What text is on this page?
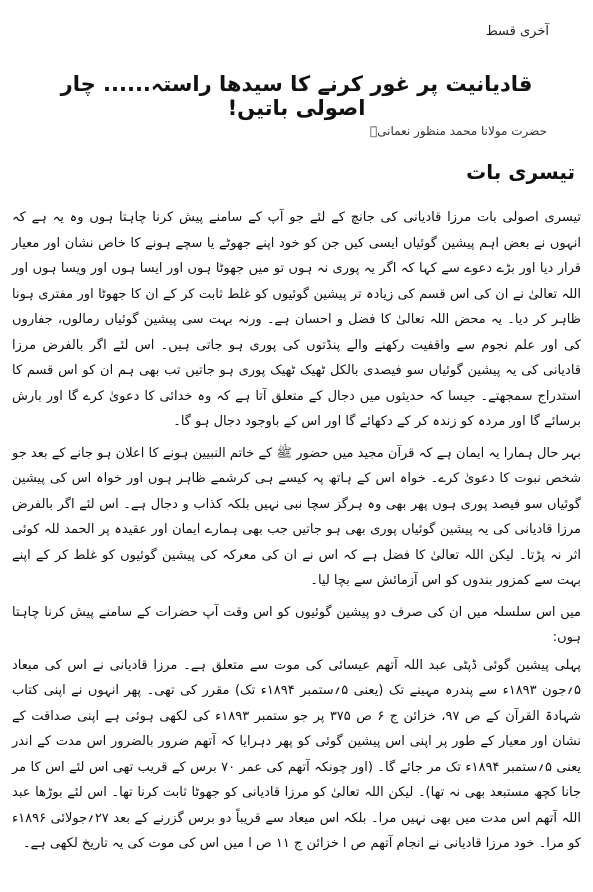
آخری قسط
قادیانیت پر غور کرنے کا سیدھا راستہ...... چار اصولی باتیں!
حضرت مولانا محمد منظور نعمانیؒ
تیسری بات

تیسری اصولی بات مرزا قادیانی کی جانچ کے لئے جو آپ کے سامنے پیش کرنا چاہتا ہوں وہ یہ ہے کہ انہوں نے بعض اہم پیشین گوئیاں ایسی کیں جن کو خود اپنے جھوٹے یا سچے ہونے کا خاص نشان اور معیار قرار دیا اور بڑے دعوے سے کہا کہ اگر یہ پوری نہ ہوں تو میں جھوٹا ہوں اور ایسا ہوں اور ویسا ہوں اور اللہ تعالیٰ نے ان کی اس قسم کی زیادہ تر پیشین گوئیوں کو غلط ثابت کر کے ان کا جھوٹا اور مفتری ہونا ظاہر کر دیا۔ یہ محض اللہ تعالیٰ کا فضل و احسان ہے۔ ورنہ بہت سی پیشین گوئیاں رمالوں، جفاروں کی اور علم نجوم سے واقفیت رکھنے والے پنڈتوں کی پوری ہو جاتی ہیں۔ اس لئے اگر بالفرض مرزا قادیانی کی یہ پیشین گوئیاں سو فیصدی بالکل ٹھیک ٹھیک پوری ہو جاتیں تب بھی ہم ان کو اس قسم کا استدراج سمجھتے۔ جیسا کہ حدیثوں میں دجال کے متعلق آتا ہے کہ وہ خدائی کا دعویٰ کرے گا اور بارش برسائے گا اور مردہ کو زندہ کر کے دکھائے گا اور اس کے باوجود دجال ہو گا۔

بہر حال ہمارا یہ ایمان ہے کہ قرآن مجید میں حضور ﷺ کے خاتم النبیین ہونے کا اعلان ہو جانے کے بعد جو شخص نبوت کا دعویٰ کرے۔ خواہ اس کے ہاتھ پہ کیسے ہی کرشمے ظاہر ہوں اور خواہ اس کی پیشین گوئیاں سو فیصد پوری ہوں پھر بھی وہ ہرگز سچا نبی نہیں بلکہ کذاب و دجال ہے۔ اس لئے اگر بالفرض مرزا قادیانی کی یہ پیشین گوئیاں پوری بھی ہو جاتیں جب بھی ہمارے ایمان اور عقیدہ پر الحمد للہ کوئی اثر نہ پڑتا۔ لیکن اللہ تعالیٰ کا فضل ہے کہ اس نے ان کی معرکہ کی پیشین گوئیوں کو غلط کر کے اپنے بہت سے کمزور بندوں کو اس آزمائش سے بچا لیا۔

میں اس سلسلہ میں ان کی صرف دو پیشین گوئیوں کو اس وقت آپ حضرات کے سامنے پیش کرنا چاہتا ہوں:

پہلی پیشین گوئی ڈپٹی عبد اللہ آتھم عیسائی کی موت سے متعلق ہے۔ مرزا قادیانی نے اس کی میعاد ۵؍جون ۱۸۹۳ء سے پندرہ مہینے تک (یعنی ۵؍ستمبر ۱۸۹۴ء تک) مقرر کی تھی۔ پھر انہوں نے اپنی کتاب شہادۃ القرآن کے ص ۹۷، خزائن ج ۶ ص ۳۷۵ پر جو ستمبر ۱۸۹۳ء کی لکھی ہوئی ہے اپنی صداقت کے نشان اور معیار کے طور پر اپنی اس پیشین گوئی کو پھر دہرایا کہ آتھم ضرور بالضرور اس مدت کے اندر یعنی ۵؍ستمبر ۱۸۹۴ء تک مر جائے گا۔ (اور چونکہ آتھم کی عمر ۷۰ برس کے قریب تھی اس لئے اس کا مر جانا کچھ مستبعد بھی نہ تھا)۔ لیکن اللہ تعالیٰ کو مرزا قادیانی کو جھوٹا ثابت کرنا تھا۔ اس لئے بوڑھا عبد اللہ آتھم اس مدت میں بھی نہیں مرا۔ بلکہ اس میعاد سے قریباً دو برس گزرنے کے بعد ۲۷؍جولائی ۱۸۹۶ء کو مرا۔ خود مرزا قادیانی نے انجام آتھم ص ا خزائن ج ۱۱ ص ا میں اس کی موت کی یہ تاریخ لکھی ہے۔
